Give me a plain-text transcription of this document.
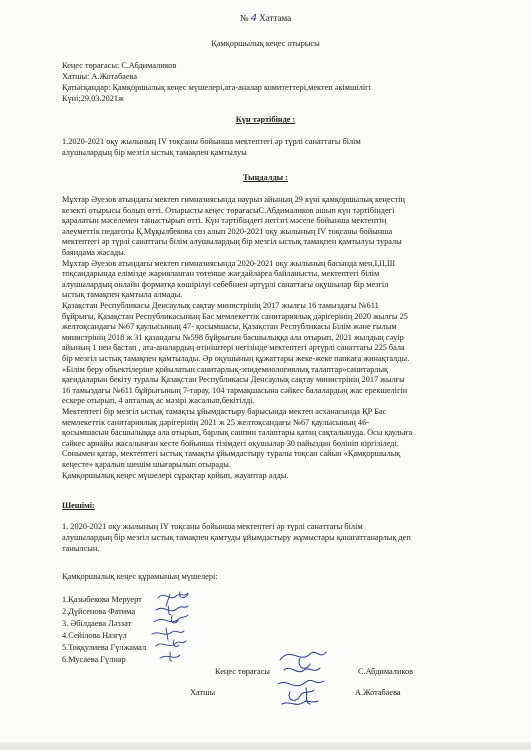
№ 4 Хаттама
Қамқоршылық кеңес отырысы
Кеңес төрағасы: С.Абдималиков
Хатшы: А.Жотабаева
Қатысқандар: Қамқоршылық кеңес мүшелері,ата-аналар комитеттері,мектеп әкімшілігі
Күні:29.03.2021ж
Күн тәртібінде :
1.2020-2021 оқу жылының IV тоқсаны бойынша мектептегі әр түрлі санаттағы білім
алушылардың бір мезгіл ыстық тамақпен қамтылуы
Тыңдалды :
Мұхтар Әуезов атындағы мектеп гимназиясында наурыз айының 29 күні қамқоршылық кеңестің
кезекті отырысы болып өтті. Отырысты кеңес төрағасыС.Абдималиков ашып күн тәртібіндегі
қаралатын мәселемен таныстырып өтті. Күн тәртібіндегі негізгі мәселе бойынша мектептің
әлеуметтік педагогы Қ.Мұқылбекова сөз алып 2020-2021 оқу жылының IV тоқсаны бойынша
мектептегі әр түрлі санаттағы білім алушылардың бір мезгіл ыстық тамақпен қамтылуы туралы
баяндама жасады.
Мұхтар Әуезов атындағы мектеп гимназиясында 2020-2021 оқу жылының басында мен,I,II,III
тоқсандарында елімізде жарияланған төтенше жағдайларға байланысты, мектептегі білім
алушылардың онлайн форматқа көшірілуі себебінен әртүрлі санаттағы оқушылар бір мезгіл
ыстық тамақпен қамтыла алмады.
Қазақстан Республикасы Денсаулық сақтау министрінің 2017 жылғы 16 тамыздағы №611
бұйрығы, Қазақстан Республикасының Бас мемлекеттік санитариялық дәрігерінің 2020 жылғы 25
желтоқсандағы №67 қаулысының 47- қосымшасы, Қазақстан Республикасы Білім және ғылым
министрінің 2018 ж 31 қазандағы №598 бұйрығын басшылыққа ала отырып, 2021 жылдың сәуір
айының 1 нен бастап , ата-аналардың өтініштері негізінде мектептегі әртүрлі санаттағы 225 бала
бір мезгіл ыстық тамақпен қамтылады. Әр оқушының құжаттары жеке-жеке папкаға жинақталды.
«Білім беру объектілеріне қойылатын санитарлық-эпидемиологиялық талаптар»санитарлық
қағидаларын бекіту туралы Қазақстан Республикасы Денсаулық сақтау министрінің 2017 жылғы
16 тамыздағы №611 бұйрығының 7-тарау, 104 тармақшасына сәйкес балалардың жас ерекшелігін
ескере отырып, 4 апталық ас мәзірі жасалып,бекітілді.
Мектептегі бір мезгіл ыстық тамақты ұйымдастыру барысында мектеп асханасында ҚР Бас
мемлекеттік санитариялық дәрігерінің 2021 ж 25 желтоқсандағы №67 қаулысының 46-
қосымшасын басшылыққа ала отырып, барлық санпин талаптары қатаң сақталынуда. Осы қаулыға
сәйкес арнайы жасалынған кесте бойынша тізімдегі оқушылар 30 пайыздан бөлініп кіргізіледі.
Сонымен қатар, мектептегі ыстық тамақты ұйымдастыру туралы тоқсан сайын «Қамқоршылық
кеңесте» қаралып шешім шығарылып отырады.
Қамқоршылық кеңес мүшелері сұрақтар қойып, жауаптар алды.
Шешімі:
1. 2020-2021 оқу жылының IY тоқсаны бойынша мектептегі әр түрлі санаттағы білім
алушылардың бір мезгіл ыстық тамақпен қамтуды ұйымдастыру жұмыстары қанағаттанарлық деп
танылсын.
Қамқоршылық кеңес құрамының мүшелері:
1.Қазыбекова Меруерт
2.Дүйсенова Фатима
3. Әбілдаева Ләззат
4.Сейілова Назгүл
5.Тоққулиева Гүлжамал
6.Мусаева Гүлнар
Кеңес төрағасы	С.Абдималиков
Хатшы	А.Жотабаева
